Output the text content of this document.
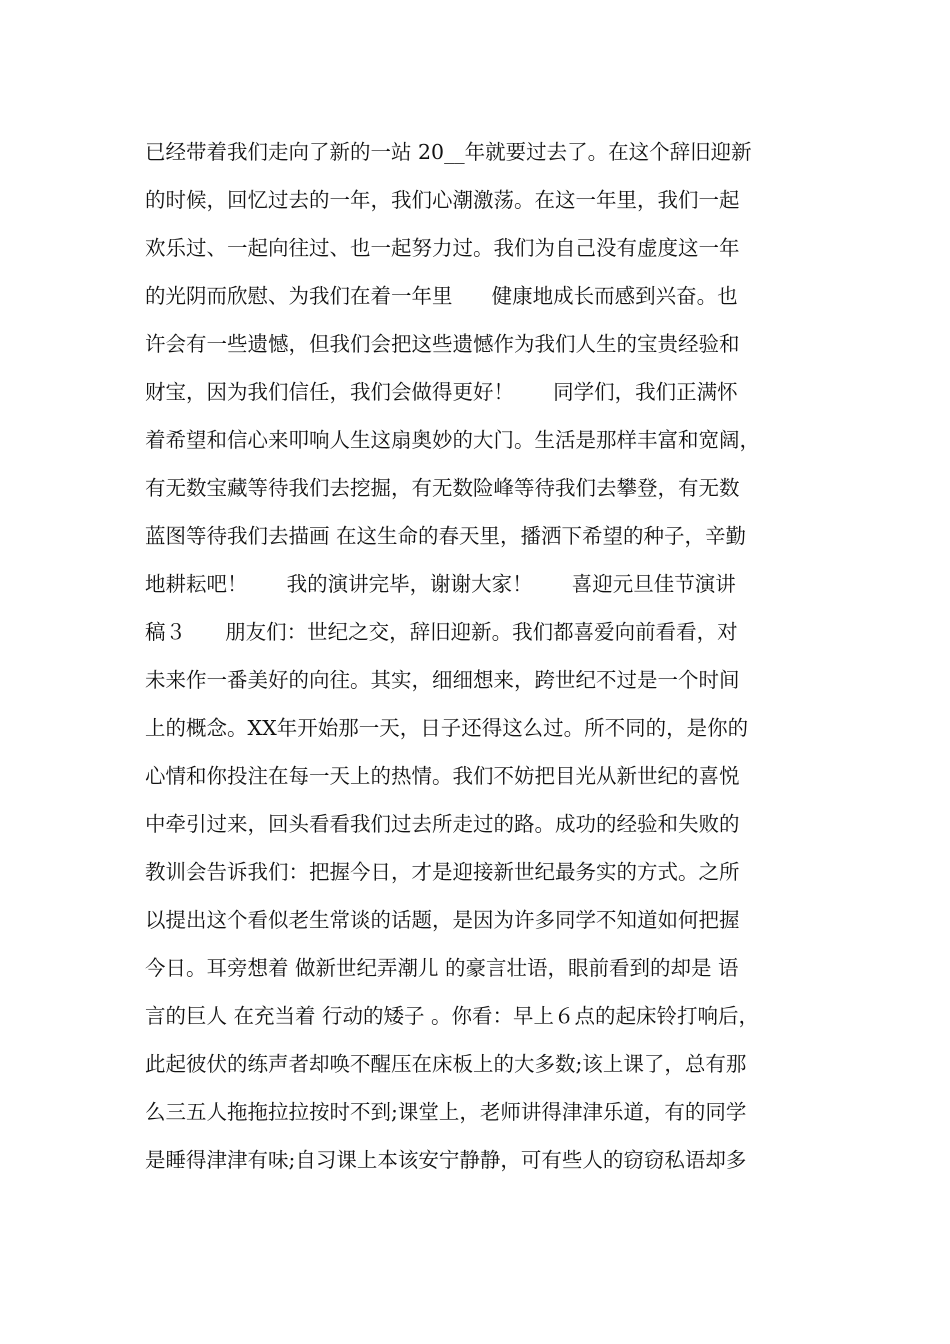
已经带着我们走向了新的一站 20__年就要过去了。在这个辞旧迎新
的时候，回忆过去的一年，我们心潮激荡。在这一年里，我们一起
欢乐过、一起向往过、也一起努力过。我们为自己没有虚度这一年
的光阴而欣慰、为我们在着一年里      健康地成长而感到兴奋。也
许会有一些遗憾，但我们会把这些遗憾作为我们人生的宝贵经验和
财宝，因为我们信任，我们会做得更好！      同学们，我们正满怀
着希望和信心来叩响人生这扇奥妙的大门。生活是那样丰富和宽阔，
有无数宝藏等待我们去挖掘，有无数险峰等待我们去攀登，有无数
蓝图等待我们去描画 在这生命的春天里，播洒下希望的种子，辛勤
地耕耘吧！      我的演讲完毕，谢谢大家！      喜迎元旦佳节演讲
稿３      朋友们：世纪之交，辞旧迎新。我们都喜爱向前看看，对
未来作一番美好的向往。其实，细细想来，跨世纪不过是一个时间
上的概念。XX年开始那一天，日子还得这么过。所不同的，是你的
心情和你投注在每一天上的热情。我们不妨把目光从新世纪的喜悦
中牵引过来，回头看看我们过去所走过的路。成功的经验和失败的
教训会告诉我们：把握今日，才是迎接新世纪最务实的方式。之所
以提出这个看似老生常谈的话题，是因为许多同学不知道如何把握
今日。耳旁想着 做新世纪弄潮儿 的豪言壮语，眼前看到的却是 语
言的巨人 在充当着 行动的矮子 。你看：早上６点的起床铃打响后，
此起彼伏的练声者却唤不醒压在床板上的大多数;该上课了，总有那
么三五人拖拖拉拉按时不到;课堂上，老师讲得津津乐道，有的同学
是睡得津津有味;自习课上本该安宁静静，可有些人的窃窃私语却多
